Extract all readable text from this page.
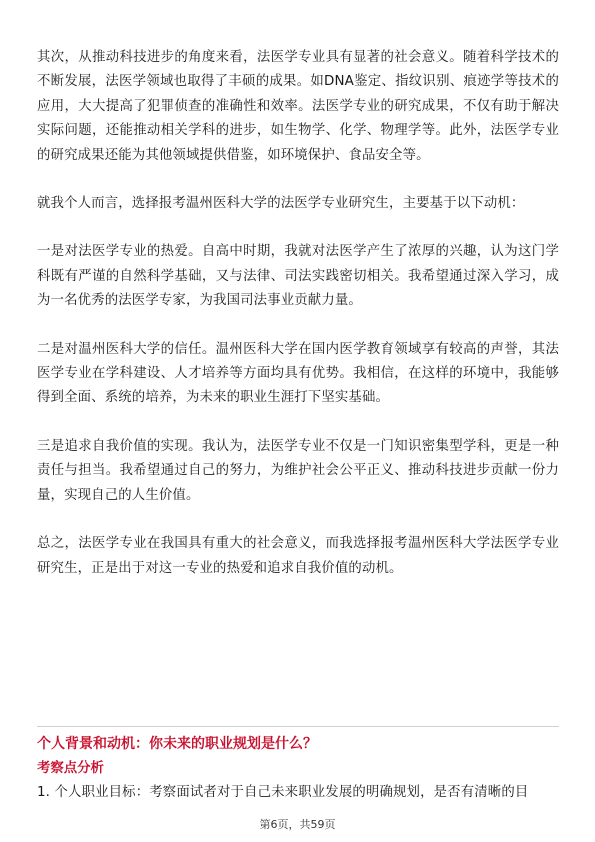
其次，从推动科技进步的角度来看，法医学专业具有显著的社会意义。随着科学技术的不断发展，法医学领域也取得了丰硕的成果。如DNA鉴定、指纹识别、痕迹学等技术的应用，大大提高了犯罪侦查的准确性和效率。法医学专业的研究成果，不仅有助于解决实际问题，还能推动相关学科的进步，如生物学、化学、物理学等。此外，法医学专业的研究成果还能为其他领域提供借鉴，如环境保护、食品安全等。

就我个人而言，选择报考温州医科大学的法医学专业研究生，主要基于以下动机：

一是对法医学专业的热爱。自高中时期，我就对法医学产生了浓厚的兴趣，认为这门学科既有严谨的自然科学基础，又与法律、司法实践密切相关。我希望通过深入学习，成为一名优秀的法医学专家，为我国司法事业贡献力量。

二是对温州医科大学的信任。温州医科大学在国内医学教育领域享有较高的声誉，其法医学专业在学科建设、人才培养等方面均具有优势。我相信，在这样的环境中，我能够得到全面、系统的培养，为未来的职业生涯打下坚实基础。

三是追求自我价值的实现。我认为，法医学专业不仅是一门知识密集型学科，更是一种责任与担当。我希望通过自己的努力，为维护社会公平正义、推动科技进步贡献一份力量，实现自己的人生价值。

总之，法医学专业在我国具有重大的社会意义，而我选择报考温州医科大学法医学专业研究生，正是出于对这一专业的热爱和追求自我价值的动机。

个人背景和动机：你未来的职业规划是什么？

考察点分析

1. 个人职业目标：考察面试者对于自己未来职业发展的明确规划，是否有清晰的目

第6页，共59页
